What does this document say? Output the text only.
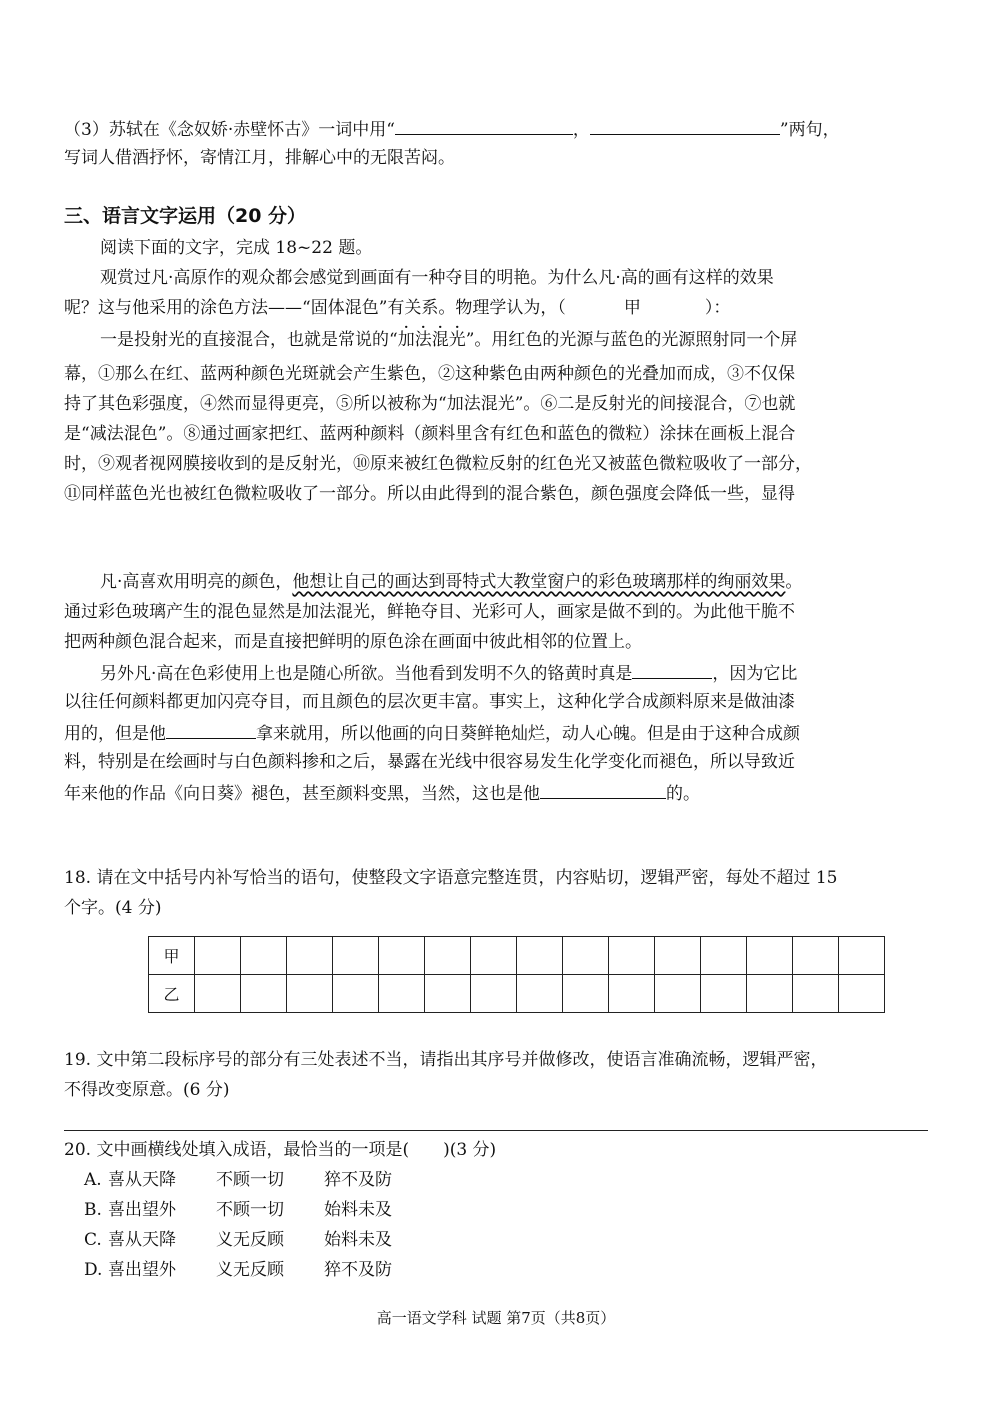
（3）苏轼在《念奴娇·赤壁怀古》一词中用“	，	”两句，
写词人借酒抒怀，寄情江月，排解心中的无限苦闷。
三、语言文字运用（20 分）
阅读下面的文字，完成 18~22 题。
观赏过凡·高原作的观众都会感觉到画面有一种夺目的明艳。为什么凡·高的画有这样的效果
呢？这与他采用的涂色方法——“固体混色”有关系。物理学认为，（	甲	）：
一是投射光的直接混合，也就是常说的“加法混光”。用红色的光源与蓝色的光源照射同一个屏
幕，①那么在红、蓝两种颜色光斑就会产生紫色，②这种紫色由两种颜色的光叠加而成，③不仅保
持了其色彩强度，④然而显得更亮，⑤所以被称为“加法混光”。⑥二是反射光的间接混合，⑦也就
是“减法混色”。⑧通过画家把红、蓝两种颜料（颜料里含有红色和蓝色的微粒）涂抹在画板上混合
时，⑨观者视网膜接收到的是反射光，⑩原来被红色微粒反射的红色光又被蓝色微粒吸收了一部分，
⑪同样蓝色光也被红色微粒吸收了一部分。所以由此得到的混合紫色，颜色强度会降低一些，显得
凡·高喜欢用明亮的颜色，他想让自己的画达到哥特式大教堂窗户的彩色玻璃那样的绚丽效果。
通过彩色玻璃产生的混色显然是加法混光，鲜艳夺目、光彩可人，画家是做不到的。为此他干脆不
把两种颜色混合起来，而是直接把鲜明的原色涂在画面中彼此相邻的位置上。
另外凡·高在色彩使用上也是随心所欲。当他看到发明不久的铬黄时真是	，因为它比
以往任何颜料都更加闪亮夺目，而且颜色的层次更丰富。事实上，这种化学合成颜料原来是做油漆
用的，但是他	拿来就用，所以他画的向日葵鲜艳灿烂，动人心魄。但是由于这种合成颜
料，特别是在绘画时与白色颜料掺和之后，暴露在光线中很容易发生化学变化而褪色，所以导致近
年来他的作品《向日葵》褪色，甚至颜料变黑，当然，这也是他	的。
18. 请在文中括号内补写恰当的语句，使整段文字语意完整连贯，内容贴切，逻辑严密，每处不超过 15
个字。(4 分)
甲															
乙															
19. 文中第二段标序号的部分有三处表述不当，请指出其序号并做修改，使语言准确流畅，逻辑严密，
不得改变原意。(6 分)
20. 文中画横线处填入成语，最恰当的一项是(　　)(3 分)
A.喜从天降 不顾一切 猝不及防
B.喜出望外 不顾一切 始料未及
C.喜从天降 义无反顾 始料未及
D.喜出望外 义无反顾 猝不及防
高一语文学科 试题 第7页（共8页）
